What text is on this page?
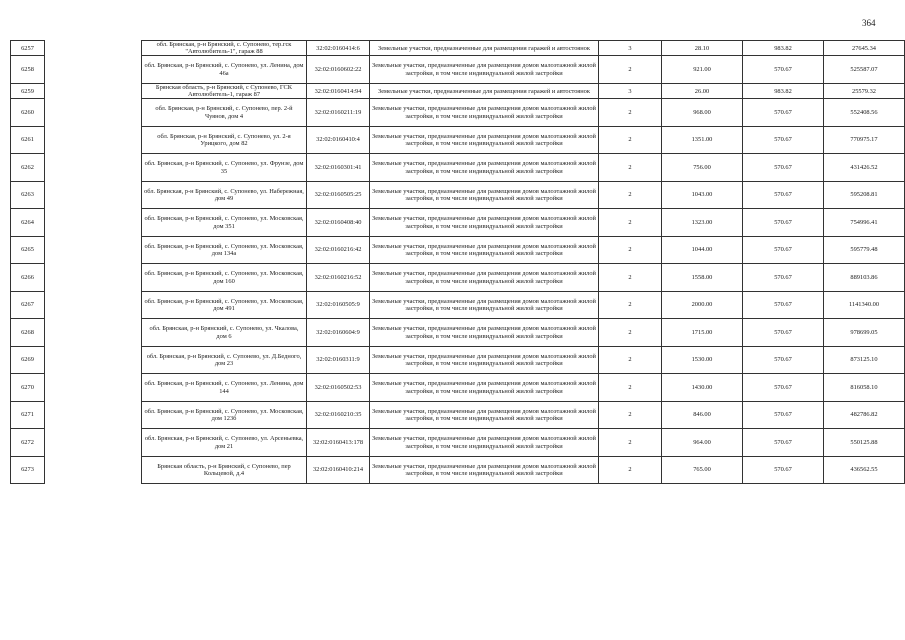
364
6257		обл. Брянская, р-н Брянский, с. Супонево, тер.гск "Автолюбитель-1", гараж 88	32:02:0160414:6	Земельные участки, предназначенные для размещения гаражей и автостоянок	3	28.10	983.82	27645.34
6258		обл. Брянская, р-н Брянский, с. Супонево, ул. Ленина, дом 46а	32:02:0160602:22	Земельные участки, предназначенные для размещения домов малоэтажной жилой застройки, в том числе индивидуальной жилой застройки	2	921.00	570.67	525587.07
6259		Брянская область, р-н Брянский, с Супонево, ГСК Автолюбитель-1, гараж 87	32:02:0160414:94	Земельные участки, предназначенные для размещения гаражей и автостоянок	3	26.00	983.82	25579.32
6260		обл. Брянская, р-н Брянский, с. Супонево, пер. 2-й Чуянов, дом 4	32:02:0160211:19	Земельные участки, предназначенные для размещения домов малоэтажной жилой застройки, в том числе индивидуальной жилой застройки	2	968.00	570.67	552408.56
6261		обл. Брянская, р-н Брянский, с. Супонево, ул. 2-я Урицкого, дом 82	32:02:0160410:4	Земельные участки, предназначенные для размещения домов малоэтажной жилой застройки, в том числе индивидуальной жилой застройки	2	1351.00	570.67	770975.17
6262		обл. Брянская, р-н Брянский, с. Супонево, ул. Фрунзе, дом 35	32:02:0160301:41	Земельные участки, предназначенные для размещения домов малоэтажной жилой застройки, в том числе индивидуальной жилой застройки	2	756.00	570.67	431426.52
6263		обл. Брянская, р-н Брянский, с. Супонево, ул. Набережная, дом 49	32:02:0160505:25	Земельные участки, предназначенные для размещения домов малоэтажной жилой застройки, в том числе индивидуальной жилой застройки	2	1043.00	570.67	595208.81
6264		обл. Брянская, р-н Брянский, с. Супонево, ул. Московская, дом 351	32:02:0160408:40	Земельные участки, предназначенные для размещения домов малоэтажной жилой застройки, в том числе индивидуальной жилой застройки	2	1323.00	570.67	754996.41
6265		обл. Брянская, р-н Брянский, с. Супонево, ул. Московская, дом 134а	32:02:0160216:42	Земельные участки, предназначенные для размещения домов малоэтажной жилой застройки, в том числе индивидуальной жилой застройки	2	1044.00	570.67	595779.48
6266		обл. Брянская, р-н Брянский, с. Супонево, ул. Московская, дом 160	32:02:0160216:52	Земельные участки, предназначенные для размещения домов малоэтажной жилой застройки, в том числе индивидуальной жилой застройки	2	1558.00	570.67	889103.86
6267		обл. Брянская, р-н Брянский, с. Супонево, ул. Московская, дом 491	32:02:0160505:9	Земельные участки, предназначенные для размещения домов малоэтажной жилой застройки, в том числе индивидуальной жилой застройки	2	2000.00	570.67	1141340.00
6268		обл. Брянская, р-н Брянский, с. Супонево, ул. Чкалова, дом 6	32:02:0160604:9	Земельные участки, предназначенные для размещения домов малоэтажной жилой застройки, в том числе индивидуальной жилой застройки	2	1715.00	570.67	978699.05
6269		обл. Брянская, р-н Брянский, с. Супонево, ул. Д.Бедного, дом 23	32:02:0160311:9	Земельные участки, предназначенные для размещения домов малоэтажной жилой застройки, в том числе индивидуальной жилой застройки	2	1530.00	570.67	873125.10
6270		обл. Брянская, р-н Брянский, с. Супонево, ул. Ленина, дом 144	32:02:0160502:53	Земельные участки, предназначенные для размещения домов малоэтажной жилой застройки, в том числе индивидуальной жилой застройки	2	1430.00	570.67	816058.10
6271		обл. Брянская, р-н Брянский, с. Супонево, ул. Московская, дом 123б	32:02:0160210:35	Земельные участки, предназначенные для размещения домов малоэтажной жилой застройки, в том числе индивидуальной жилой застройки	2	846.00	570.67	482786.82
6272		обл. Брянская, р-н Брянский, с. Супонево, ул. Арсеньевка, дом 21	32:02:0160413:178	Земельные участки, предназначенные для размещения домов малоэтажной жилой застройки, в том числе индивидуальной жилой застройки	2	964.00	570.67	550125.88
6273		Брянская область, р-н Брянский, с Супонево, пер Кольцевой, д.4	32:02:0160410:214	Земельные участки, предназначенные для размещения домов малоэтажной жилой застройки, в том числе индивидуальной жилой застройки	2	765.00	570.67	436562.55
